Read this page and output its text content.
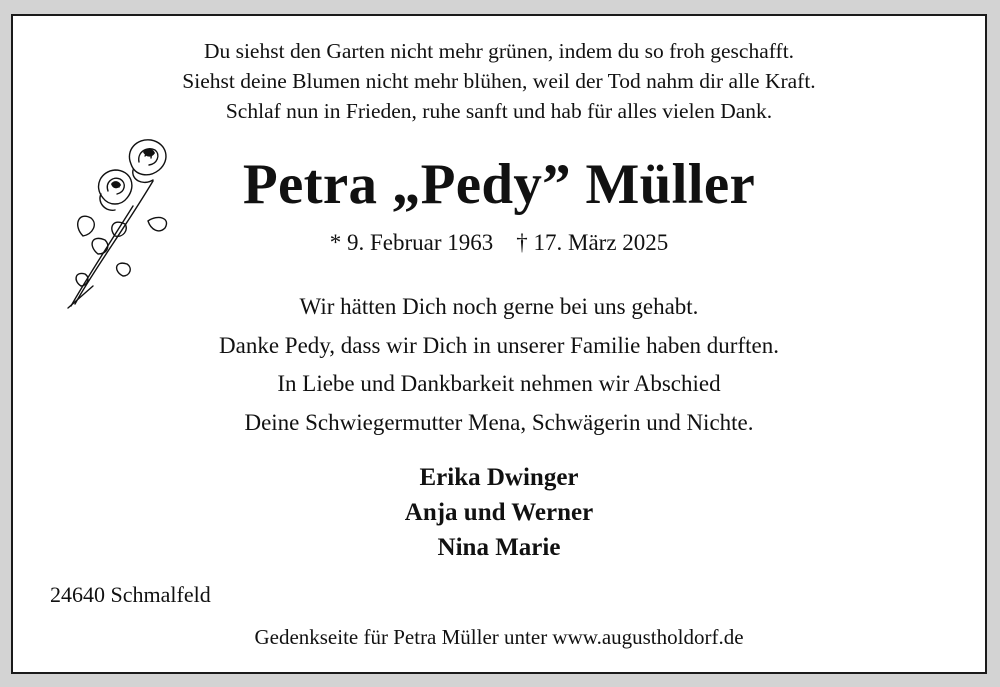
Du siehst den Garten nicht mehr grünen, indem du so froh geschafft.
Siehst deine Blumen nicht mehr blühen, weil der Tod nahm dir alle Kraft.
Schlaf nun in Frieden, ruhe sanft und hab für alles vielen Dank.
Petra „Pedy” Müller
* 9. Februar 1963 † 17. März 2025
Wir hätten Dich noch gerne bei uns gehabt.
Danke Pedy, dass wir Dich in unserer Familie haben durften.
In Liebe und Dankbarkeit nehmen wir Abschied
Deine Schwiegermutter Mena, Schwägerin und Nichte.
Erika Dwinger
Anja und Werner
Nina Marie
24640 Schmalfeld
Gedenkseite für Petra Müller unter www.augustholdorf.de
